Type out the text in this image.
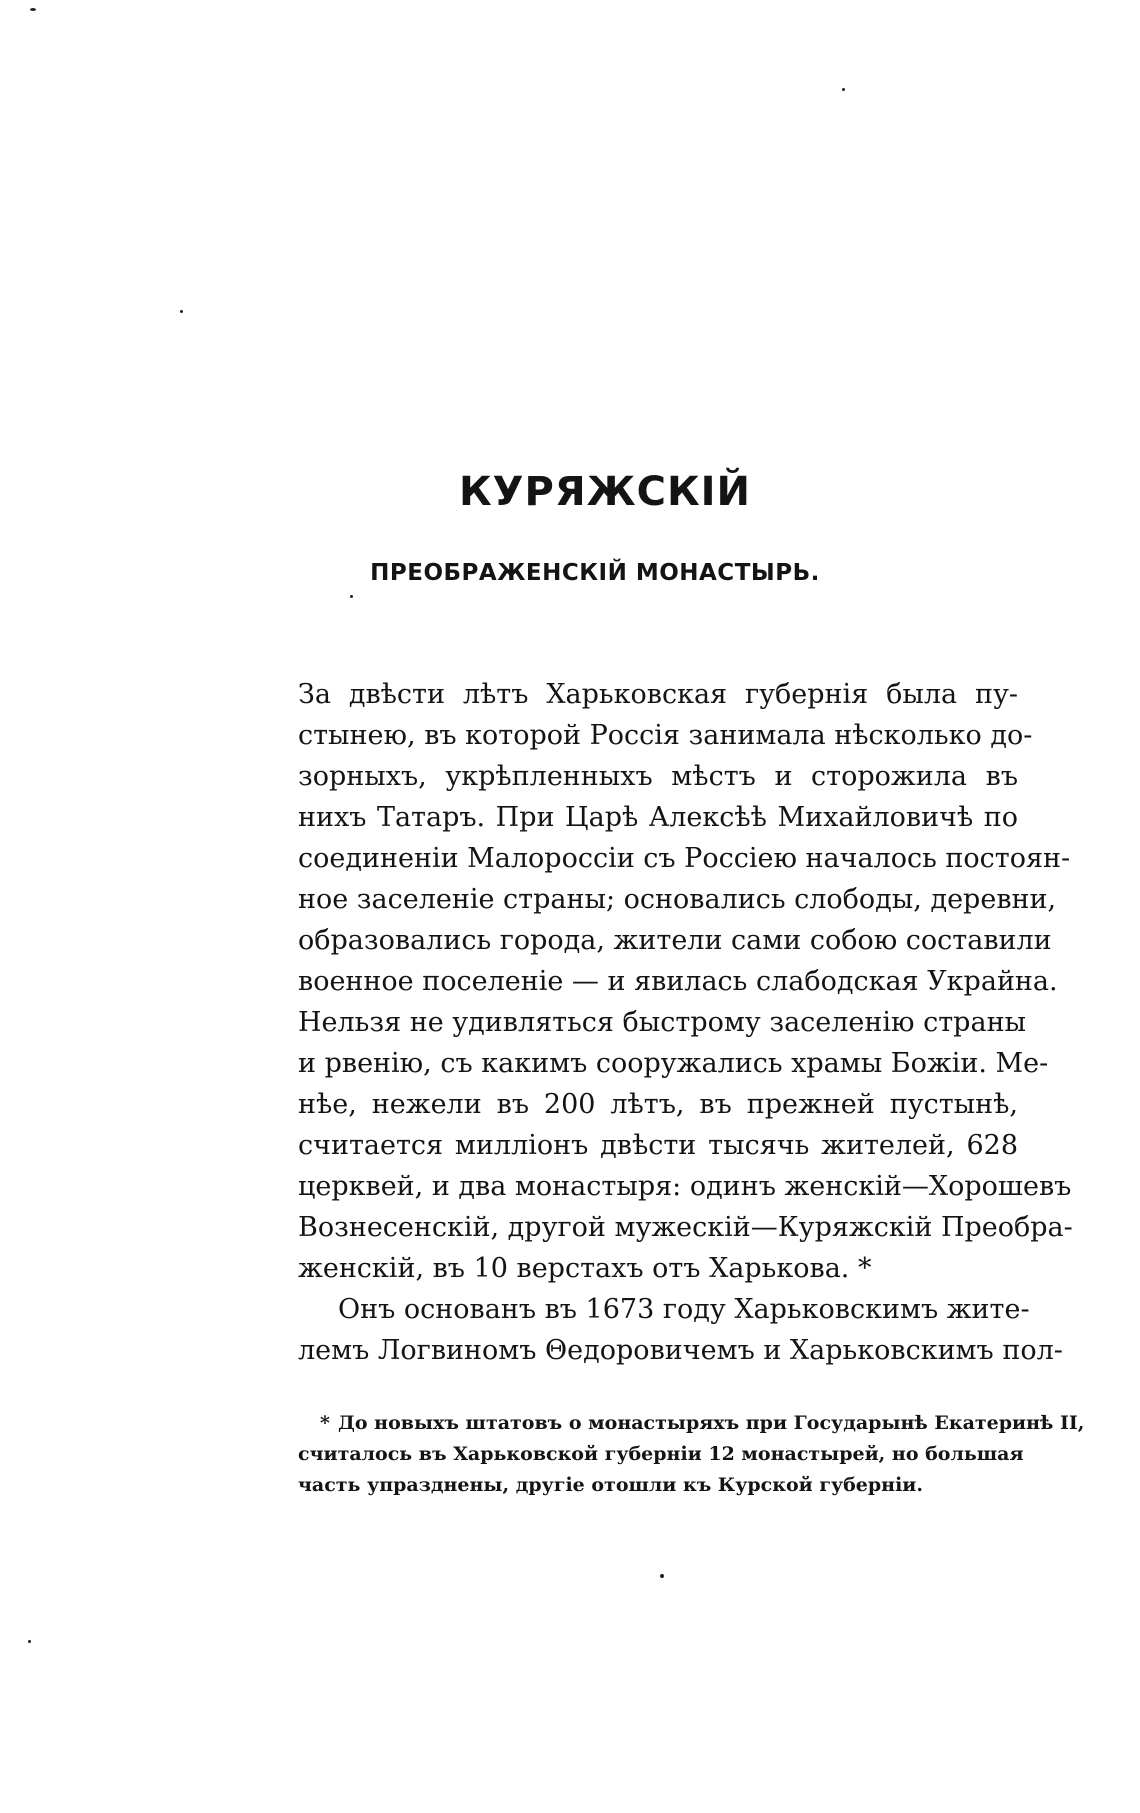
КУРЯЖСКІЙ
ПРЕОБРАЖЕНСКІЙ МОНАСТЫРЬ.
За двѣсти лѣтъ Харьковская губернія была пу-
стынею, въ которой Россія занимала нѣсколько до-
зорныхъ, укрѣпленныхъ мѣстъ и сторожила въ
нихъ Татаръ. При Царѣ Алексѣѣ Михайловичѣ по
соединеніи Малороссіи съ Россіею началось постоян-
ное заселеніе страны; основались слободы, деревни,
образовались города, жители сами собою составили
военное поселеніе — и явилась слабодская Украйна.
Нельзя не удивляться быстрому заселенію страны
и рвенію, съ какимъ сооружались храмы Божіи. Ме-
нѣе, нежели въ 200 лѣтъ, въ прежней пустынѣ,
считается милліонъ двѣсти тысячь жителей, 628
церквей, и два монастыря: одинъ женскій—Хорошевъ
Вознесенскій, другой мужескій—Куряжскій Преобра-
женскій, въ 10 верстахъ отъ Харькова. *
Онъ основанъ въ 1673 году Харьковскимъ жите-
лемъ Логвиномъ Θедоровичемъ и Харьковскимъ пол-
* До новыхъ штатовъ о монастыряхъ при Государынѣ Екатеринѣ II,
считалось въ Харьковской губерніи 12 монастырей, но большая
часть упразднены, другіе отошли къ Курской губерніи.
